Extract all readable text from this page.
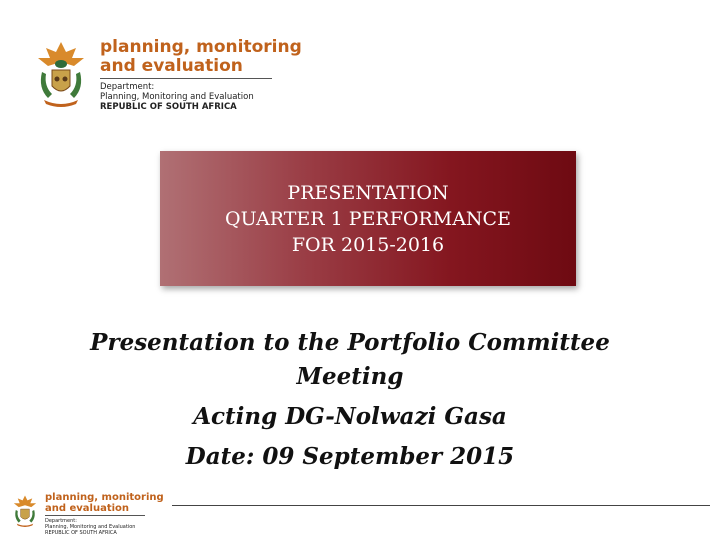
planning, monitoring
and evaluation
Department:
Planning, Monitoring and Evaluation
REPUBLIC OF SOUTH AFRICA
PRESENTATION
QUARTER 1 PERFORMANCE
FOR 2015-2016
Presentation to the Portfolio Committee
Meeting
Acting DG-Nolwazi Gasa
Date: 09 September 2015
planning, monitoring
and evaluation
Department:
Planning, Monitoring and Evaluation
REPUBLIC OF SOUTH AFRICA
